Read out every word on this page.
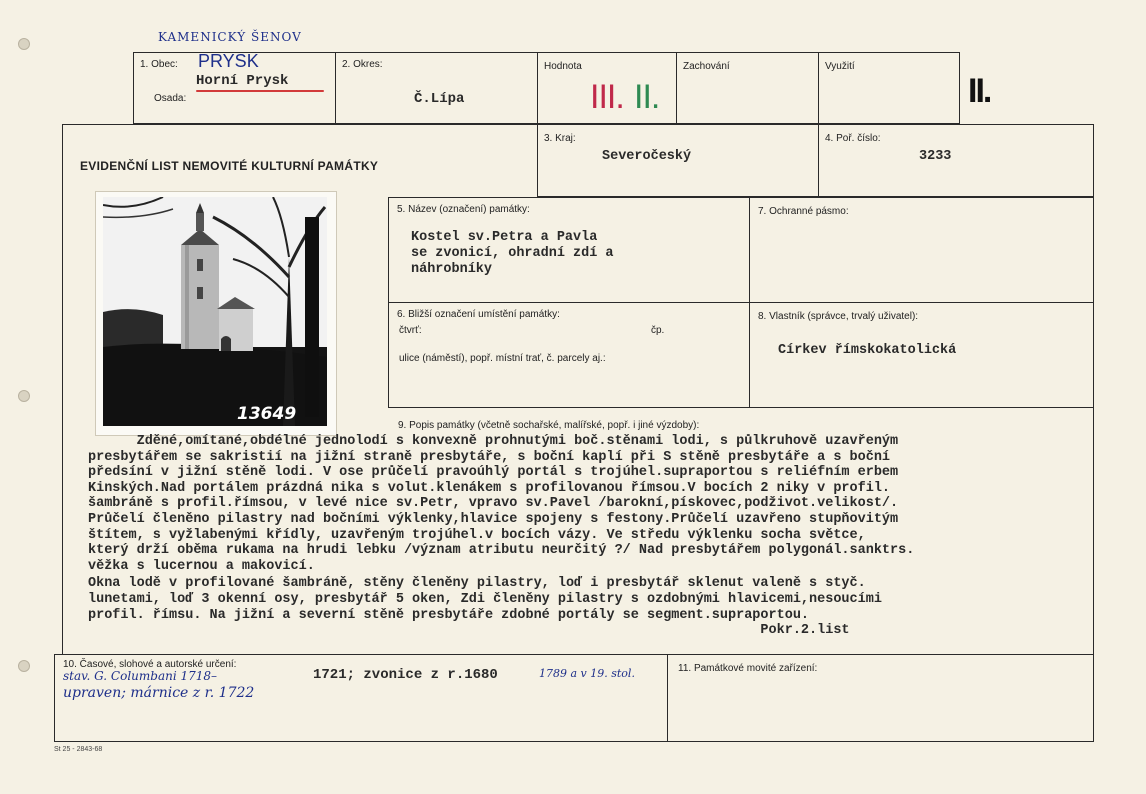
KAMENICKÝ ŠENOV
1. Obec: PRYSK
Osada:
Horní Prysk
2. Okres:
Č.Lípa
Hodnota
III. II.
Zachování	Využití
II.
EVIDENČNÍ LIST NEMOVITÉ KULTURNÍ PAMÁTKY
3. Kraj:
Severočeský
4. Poř. číslo:
3233
13649
5. Název (označení) památky:
Kostel sv.Petra a Pavla
se zvonicí, ohradní zdí a
náhrobníky
7. Ochranné pásmo:
6. Bližší označení umístění památky:
čtvrť:	čp.
ulice (náměstí), popř. místní trať, č. parcely aj.:
8. Vlastník (správce, trvalý uživatel):
Církev římskokatolická
9. Popis památky (včetně sochařské, malířské, popř. i jiné výzdoby):
Zděné,omítané,obdélné jednolodí s konvexně prohnutými boč.stěnami lodi, s půlkruhově uzavřeným
presbytářem se sakristií na jižní straně presbytáře, s boční kaplí při S stěně presbytáře a s boční
předsíní v jižní stěně lodi. V ose průčelí pravoúhlý portál s trojúhel.supraportou s reliéfním erbem
Kinských.Nad portálem prázdná nika s volut.klenákem s profilovanou římsou.V bocích 2 niky v profil.
šambráně s profil.římsou, v levé nice sv.Petr, vpravo sv.Pavel /barokní,pískovec,podživot.velikost/.
Průčelí členěno pilastry nad bočními výklenky,hlavice spojeny s festony.Průčelí uzavřeno stupňovitým
štítem, s vyžlabenými křídly, uzavřeným trojúhel.v bocích vázy. Ve středu výklenku socha světce,
který drží oběma rukama na hrudi lebku /význam atributu neurčitý ?/ Nad presbytářem polygonál.sanktrs.
věžka s lucernou a makovicí.
Okna lodě v profilované šambráně, stěny členěny pilastry, loď i presbytář sklenut valeně s styč.
lunetami, loď 3 okenní osy, presbytář 5 oken, Zdi členěny pilastry s ozdobnými hlavicemi,nesoucími
profil. římsu. Na jižní a severní stěně presbytáře zdobné portály se segment.supraportou.
Pokr.2.list
10. Časové, slohové a autorské určení:
stav. G. Columbani 1718–	1721; zvonice z r.1680	1789 a v 19. stol.
upraven; márnice z r. 1722
11. Památkové movité zařízení:
St 25 - 2843-68
